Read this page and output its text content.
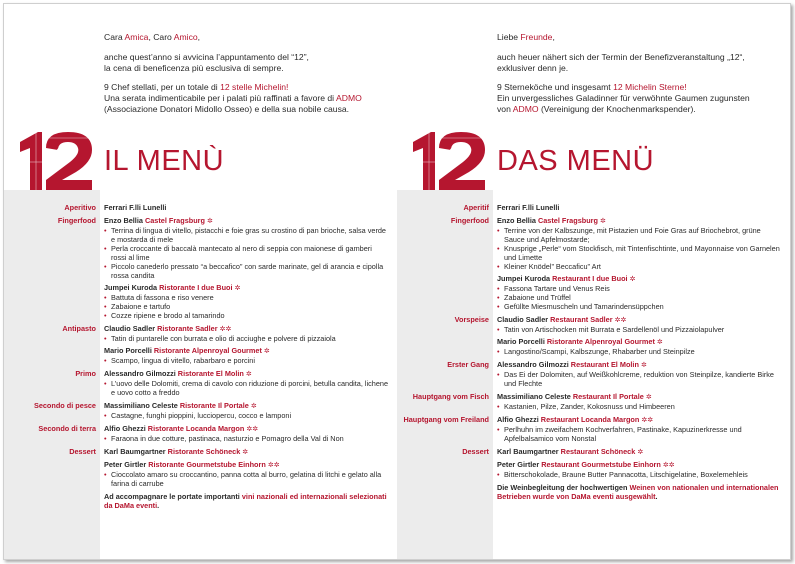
Cara Amica, Caro Amico,

anche quest’anno si avvicina l’appuntamento del “12”,
la cena di beneficenza più esclusiva di sempre.

9 Chef stellati, per un totale di 12 stelle Michelin!
Una serata indimenticabile per i palati più raffinati a favore di ADMO
(Associazione Donatori Midollo Osseo) e della sua nobile causa.

IL MENÙ
Aperitivo Ferrari F.lli Lunelli
Fingerfood Enzo Bellia Castel Fragsburg ✲
• Terrina di lingua di vitello, pistacchi e foie gras su crostino di pan brioche, salsa verde e mostarda di mele
• Perla croccante di baccalà mantecato al nero di seppia con maionese di gamberi rossi al lime
• Piccolo canederlo pressato “a beccafico” con sarde marinate, gel di arancia e cipolla rossa candita
Jumpei Kuroda Ristorante I due Buoi ✲
• Battuta di fassona e riso venere
• Zabaione e tartufo
• Cozze ripiene e brodo al tamarindo
Antipasto Claudio Sadler Ristorante Sadler ✲✲
• Tatin di puntarelle con burrata e olio di acciughe e polvere di pizzaiola
Mario Porcelli Ristorante Alpenroyal Gourmet ✲
• Scampo, lingua di vitello, rabarbaro e porcini
Primo Alessandro Gilmozzi Ristorante El Molin ✲
• L’uovo delle Dolomiti, crema di cavolo con riduzione di porcini, betulla candita, lichene e uovo cotto a freddo
Secondo di pesce Massimiliano Celeste Ristorante Il Portale ✲
• Castagne, funghi pioppini, lucciopercu, cocco e lamponi
Secondo di terra Alfio Ghezzi Ristorante Locanda Margon ✲✲
• Faraona in due cotture, pastinaca, nasturzio e Pomagro della Val di Non
Dessert Karl Baumgartner Ristorante Schöneck ✲
Peter Girtler Ristorante Gourmetstube Einhorn ✲✲
• Cioccolato amaro su croccantino, panna cotta al burro, gelatina di litchi e gelato alla farina di carrube
Ad accompagnare le portate importanti vini nazionali ed internazionali selezionati da DaMa eventi.

Liebe Freunde,

auch heuer nähert sich der Termin der Benefizveranstaltung „12“,
exklusiver denn je.

9 Sterneköche und insgesamt 12 Michelin Sterne!
Ein unvergessliches Galadinner für verwöhnte Gaumen zugunsten
von ADMO (Vereinigung der Knochenmarkspender).

DAS MENÜ
Aperitif Ferrari F.lli Lunelli
Fingerfood Enzo Bellia Castel Fragsburg ✲
• Terrine von der Kalbszunge, mit Pistazien und Foie Gras auf Briochebrot, grüne Sauce und Apfelmostarde;
• Knusprige „Perle“ vom Stockfisch, mit Tintenfischtinte, und Mayonnaise von Garnelen und Limette
• Kleiner Knödel” Beccaficu” Art
Jumpei Kuroda Restaurant I due Buoi ✲
• Fassona Tartare und Venus Reis
• Zabaione und Trüffel
• Gefüllte Miesmuscheln und Tamarindensüppchen
Vorspeise Claudio Sadler Restaurant Sadler ✲✲
• Tatin von Artischocken mit Burrata e Sardellenöl und Pizzaiolapulver
Mario Porcelli Ristorante Alpenroyal Gourmet ✲
• Langostino/Scampi, Kalbszunge, Rhabarber und Steinpilze
Erster Gang Alessandro Gilmozzi Restaurant El Molin ✲
• Das Ei der Dolomiten, auf Weißkohlcreme, reduktion von Steinpilze, kandierte Birke und Flechte
Hauptgang vom Fisch Massimiliano Celeste Restaurant Il Portale ✲
• Kastanien, Pilze, Zander, Kokosnuss und Himbeeren
Hauptgang vom Freiland Alfio Ghezzi Restaurant Locanda Margon ✲✲
• Perlhuhn im zweifachem Kochverfahren, Pastinake, Kapuzinerkresse und Apfelbalsamico vom Nonstal
Dessert Karl Baumgartner Restaurant Schöneck ✲
Peter Girtler Restaurant Gourmetstube Einhorn ✲✲
• Bitterschokolade, Braune Butter Pannacotta, Litschigelatine, Boxelemehleis
Die Weinbegleitung der hochwertigen Weinen von nationalen und internationalen Betrieben wurde von DaMa eventi ausgewählt.
